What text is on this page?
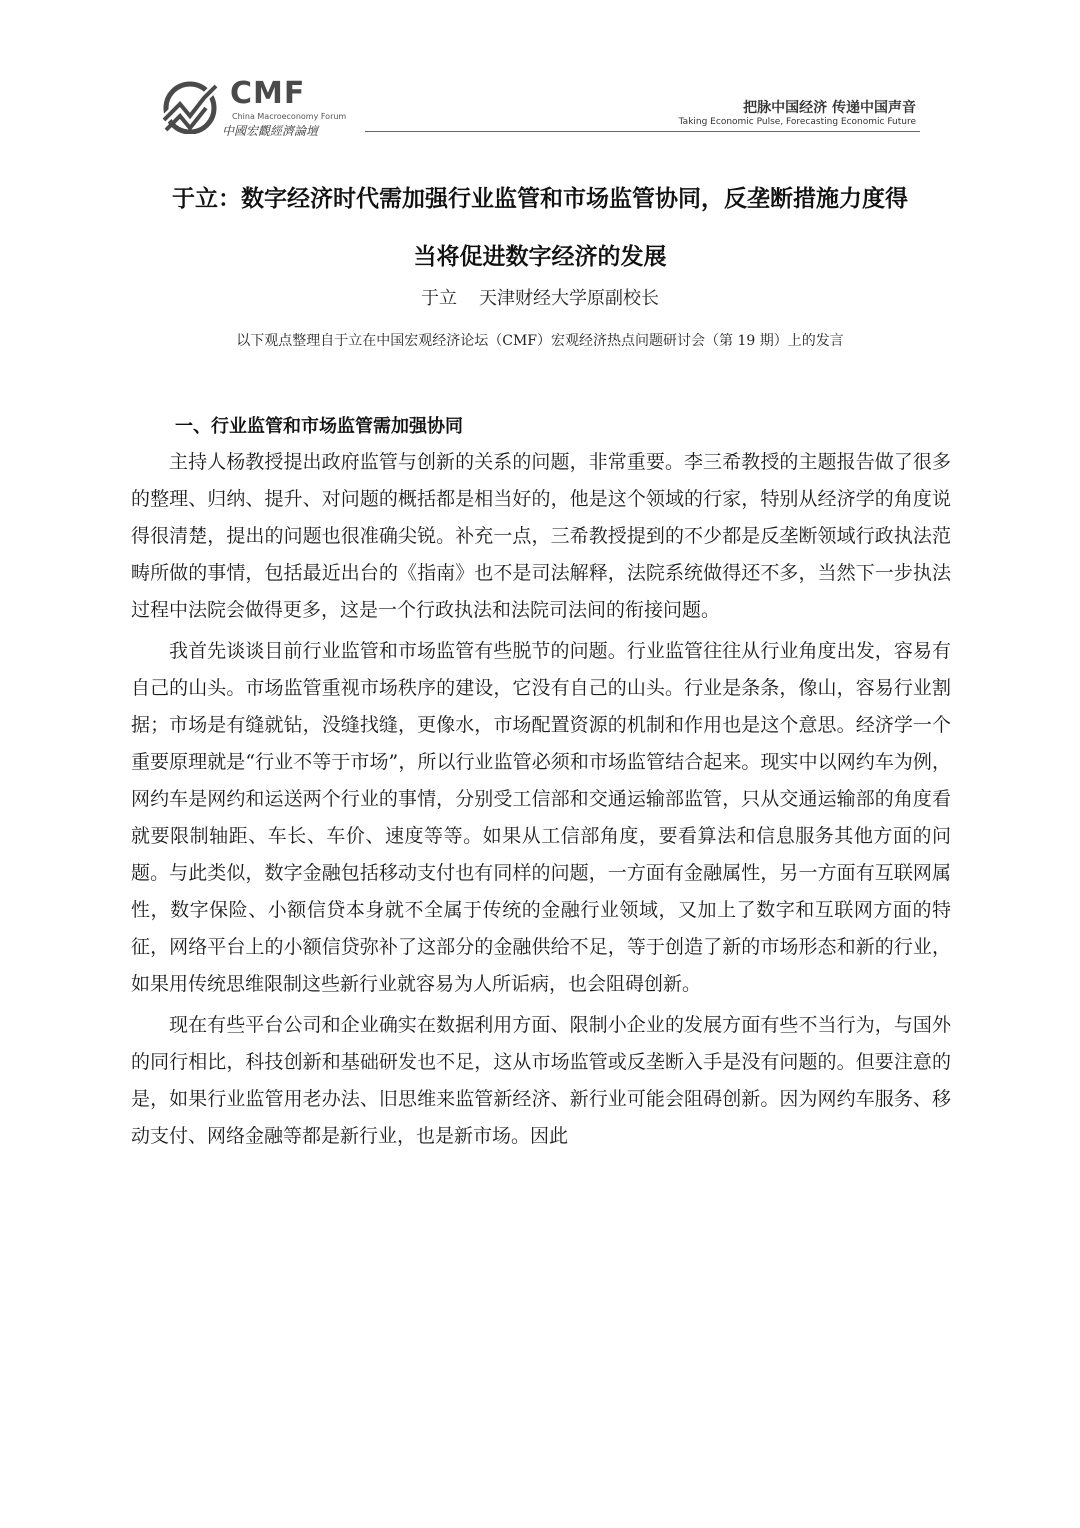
CMF
China Macroeconomy Forum
中國宏觀經濟論壇
把脉中国经济 传递中国声音
Taking Economic Pulse, Forecasting Economic Future
于立：数字经济时代需加强行业监管和市场监管协同，反垄断措施力度得
当将促进数字经济的发展
于立 天津财经大学原副校长
以下观点整理自于立在中国宏观经济论坛（CMF）宏观经济热点问题研讨会（第 19 期）上的发言
一、行业监管和市场监管需加强协同

主持人杨教授提出政府监管与创新的关系的问题，非常重要。李三希教授的主题报告做了很多的整理、归纳、提升、对问题的概括都是相当好的，他是这个领域的行家，特别从经济学的角度说得很清楚，提出的问题也很准确尖锐。补充一点，三希教授提到的不少都是反垄断领域行政执法范畴所做的事情，包括最近出台的《指南》也不是司法解释，法院系统做得还不多，当然下一步执法过程中法院会做得更多，这是一个行政执法和法院司法间的衔接问题。

我首先谈谈目前行业监管和市场监管有些脱节的问题。行业监管往往从行业角度出发，容易有自己的山头。市场监管重视市场秩序的建设，它没有自己的山头。行业是条条，像山，容易行业割据；市场是有缝就钻，没缝找缝，更像水，市场配置资源的机制和作用也是这个意思。经济学一个重要原理就是“行业不等于市场”，所以行业监管必须和市场监管结合起来。现实中以网约车为例，网约车是网约和运送两个行业的事情，分别受工信部和交通运输部监管，只从交通运输部的角度看就要限制轴距、车长、车价、速度等等。如果从工信部角度，要看算法和信息服务其他方面的问题。与此类似，数字金融包括移动支付也有同样的问题，一方面有金融属性，另一方面有互联网属性，数字保险、小额信贷本身就不全属于传统的金融行业领域，又加上了数字和互联网方面的特征，网络平台上的小额信贷弥补了这部分的金融供给不足，等于创造了新的市场形态和新的行业，如果用传统思维限制这些新行业就容易为人所诟病，也会阻碍创新。

现在有些平台公司和企业确实在数据利用方面、限制小企业的发展方面有些不当行为，与国外的同行相比，科技创新和基础研发也不足，这从市场监管或反垄断入手是没有问题的。但要注意的是，如果行业监管用老办法、旧思维来监管新经济、新行业可能会阻碍创新。因为网约车服务、移动支付、网络金融等都是新行业，也是新市场。因此
